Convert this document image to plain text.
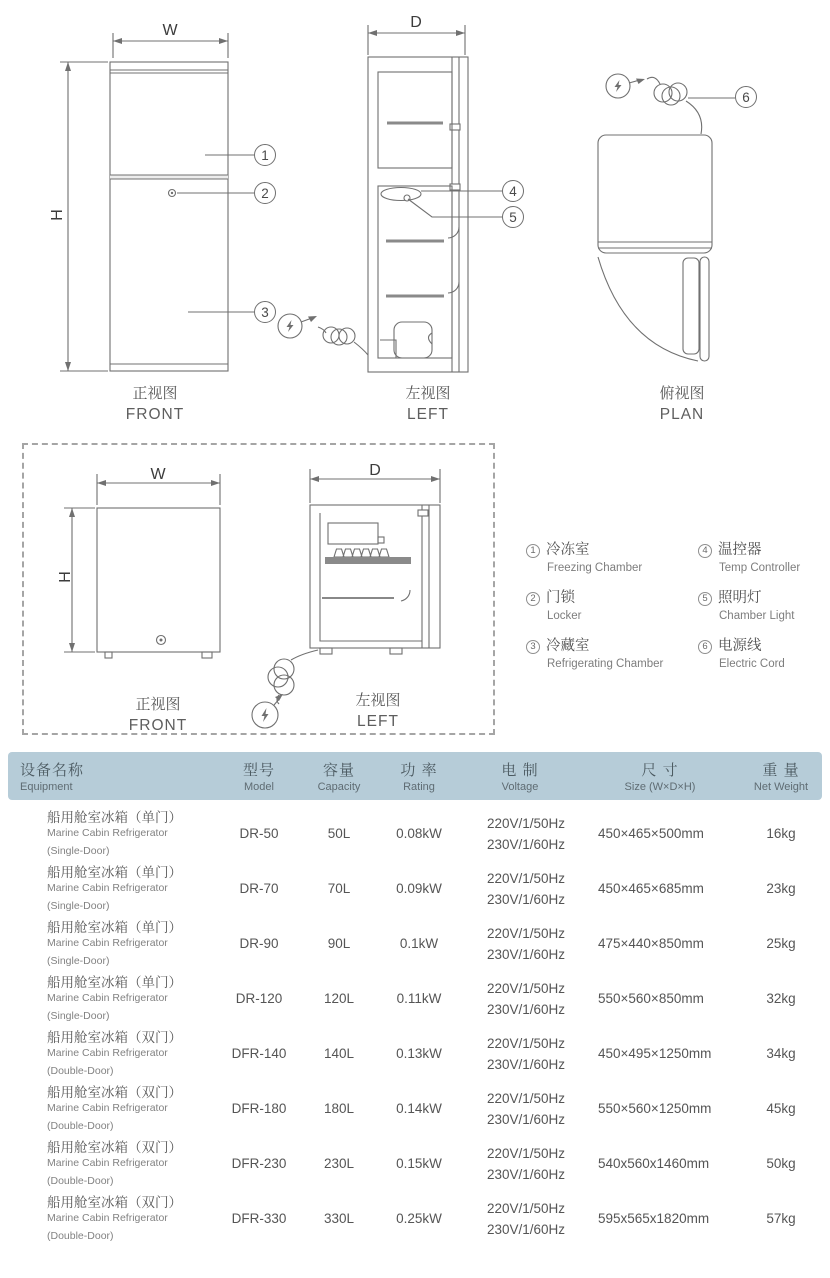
W
H
D
1
2
3
4
5
6
正视图
FRONT
左视图
LEFT
俯视图
PLAN
W
H
D
正视图
FRONT
左视图
LEFT
1 冷冻室
Freezing Chamber
2 门锁
Locker
3 冷藏室
Refrigerating Chamber
4 温控器
Temp Controller
5 照明灯
Chamber Light
6 电源线
Electric Cord
设备名称
Equipment
型号
Model
容量
Capacity
功 率
Rating
电 制
Voltage
尺 寸
Size (W×D×H)
重 量
Net Weight
船用舱室冰箱（单门）
Marine Cabin Refrigerator
(Single-Door)
DR-50	50L	0.08kW
220V/1/50Hz
230V/1/60Hz
450×465×500mm	16kg
船用舱室冰箱（单门）
Marine Cabin Refrigerator
(Single-Door)
DR-70	70L	0.09kW
220V/1/50Hz
230V/1/60Hz
450×465×685mm	23kg
船用舱室冰箱（单门）
Marine Cabin Refrigerator
(Single-Door)
DR-90	90L	0.1kW
220V/1/50Hz
230V/1/60Hz
475×440×850mm	25kg
船用舱室冰箱（单门）
Marine Cabin Refrigerator
(Single-Door)
DR-120	120L	0.11kW
220V/1/50Hz
230V/1/60Hz
550×560×850mm	32kg
船用舱室冰箱（双门）
Marine Cabin Refrigerator
(Double-Door)
DFR-140	140L	0.13kW
220V/1/50Hz
230V/1/60Hz
450×495×1250mm	34kg
船用舱室冰箱（双门）
Marine Cabin Refrigerator
(Double-Door)
DFR-180	180L	0.14kW
220V/1/50Hz
230V/1/60Hz
550×560×1250mm	45kg
船用舱室冰箱（双门）
Marine Cabin Refrigerator
(Double-Door)
DFR-230	230L	0.15kW
220V/1/50Hz
230V/1/60Hz
540x560x1460mm	50kg
船用舱室冰箱（双门）
Marine Cabin Refrigerator
(Double-Door)
DFR-330	330L	0.25kW
220V/1/50Hz
230V/1/60Hz
595x565x1820mm	57kg
